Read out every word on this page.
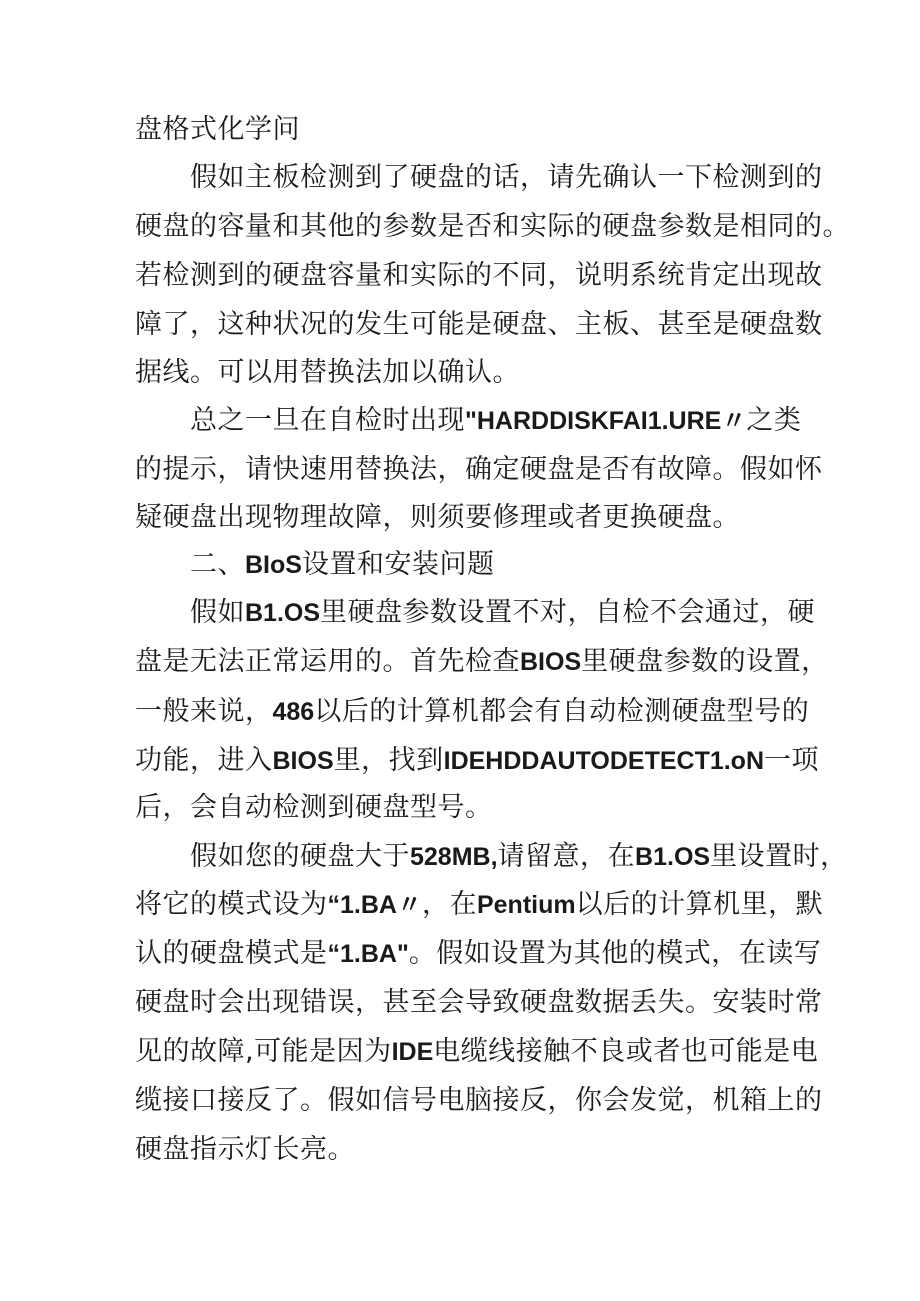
盘格式化学问
假如主板检测到了硬盘的话，请先确认一下检测到的
硬盘的容量和其他的参数是否和实际的硬盘参数是相同的。
若检测到的硬盘容量和实际的不同，说明系统肯定出现故
障了，这种状况的发生可能是硬盘、主板、甚至是硬盘数
据线。可以用替换法加以确认。
总之一旦在自检时出现"HARDDISKFAI1.URE〃之类
的提示，请快速用替换法，确定硬盘是否有故障。假如怀
疑硬盘出现物理故障，则须要修理或者更换硬盘。
二、BIoS设置和安装问题
假如B1.OS里硬盘参数设置不对，自检不会通过，硬
盘是无法正常运用的。首先检查BIOS里硬盘参数的设置，
一般来说，486以后的计算机都会有自动检测硬盘型号的
功能，进入BIOS里，找到IDEHDDAUTODETECT1.oN一项
后，会自动检测到硬盘型号。
假如您的硬盘大于528MB,请留意，在B1.OS里设置时，
将它的模式设为“1.BA〃，在Pentium以后的计算机里，默
认的硬盘模式是“1.BA"。假如设置为其他的模式，在读写
硬盘时会出现错误，甚至会导致硬盘数据丢失。安装时常
见的故障,可能是因为IDE电缆线接触不良或者也可能是电
缆接口接反了。假如信号电脑接反，你会发觉，机箱上的
硬盘指示灯长亮。
